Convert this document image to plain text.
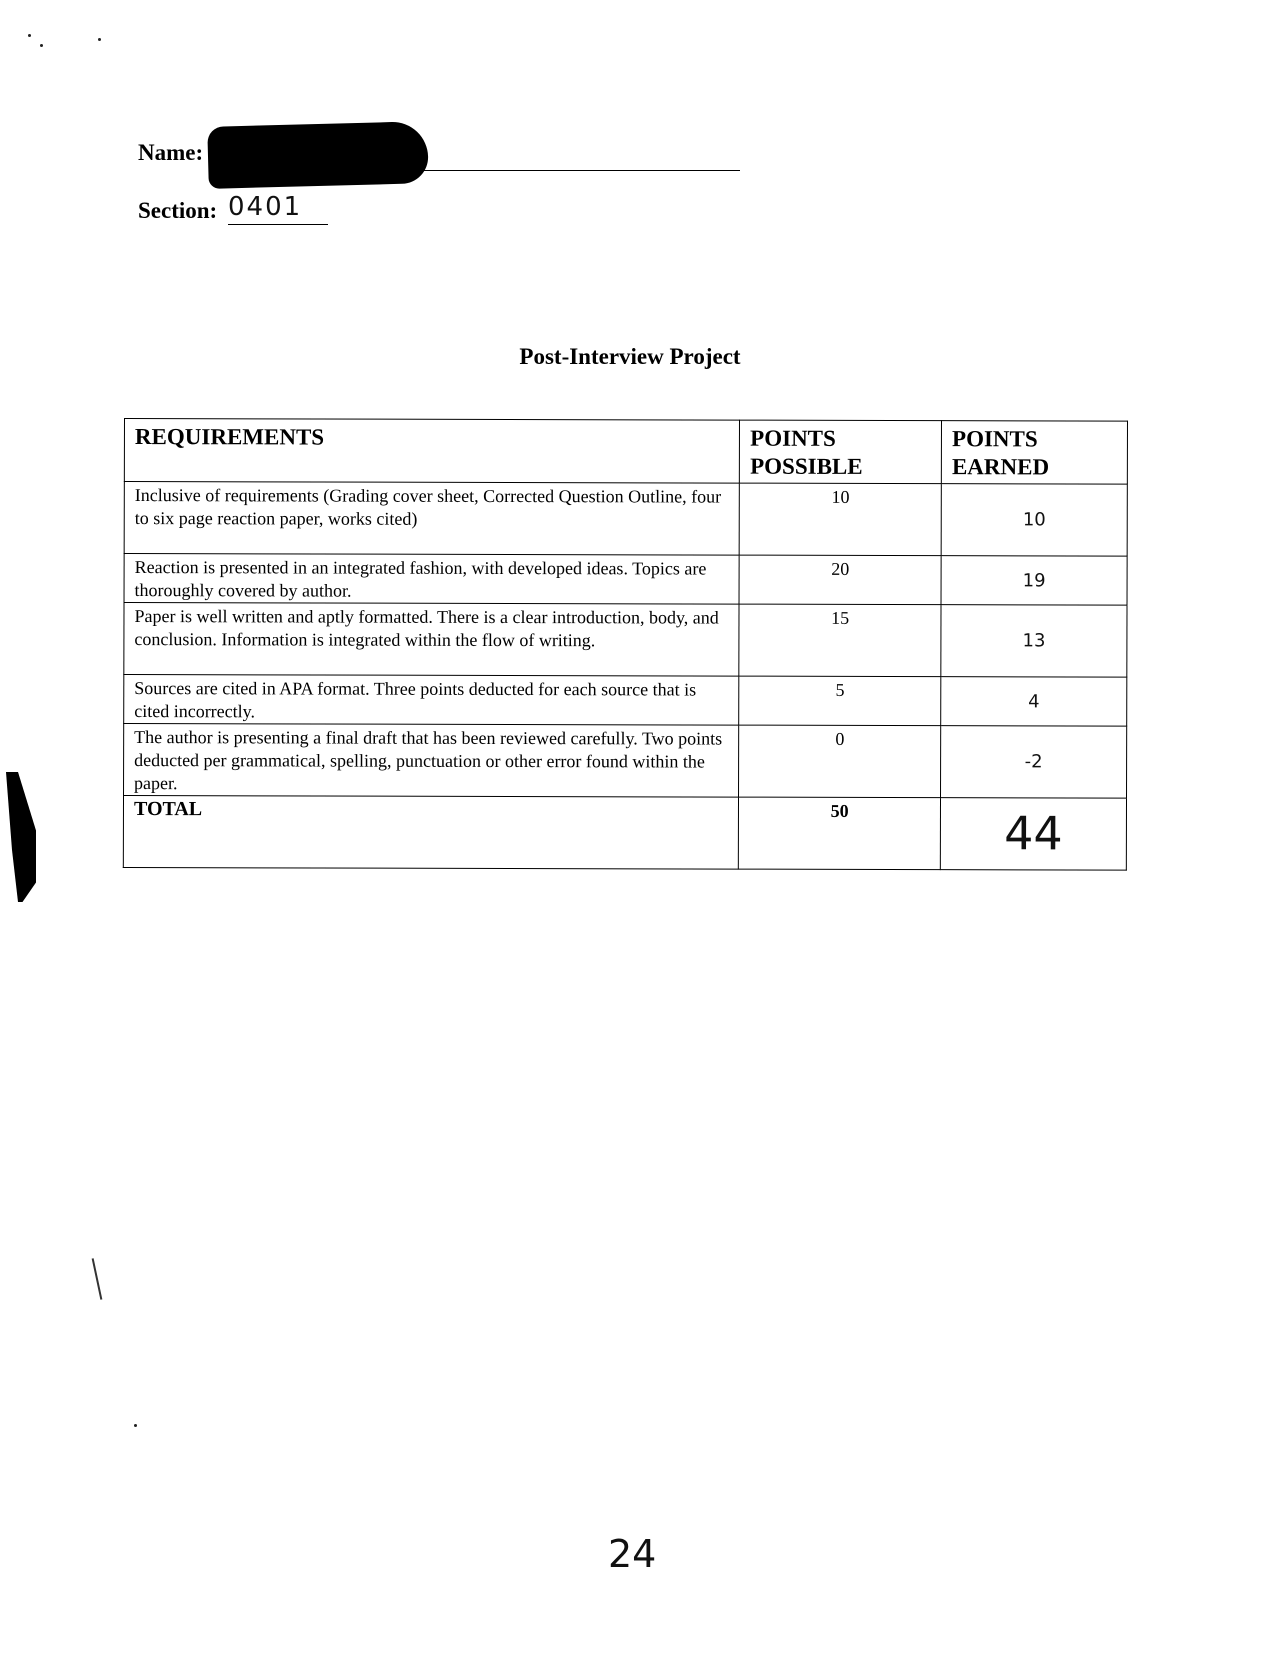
Name:
Section: 0401
Post-Interview Project
REQUIREMENTS	POINTS POSSIBLE	POINTS EARNED
Inclusive of requirements (Grading cover sheet, Corrected Question Outline, four to six page reaction paper, works cited)	10	10
Reaction is presented in an integrated fashion, with developed ideas. Topics are thoroughly covered by author.	20	19
Paper is well written and aptly formatted. There is a clear introduction, body, and conclusion. Information is integrated within the flow of writing.	15	13
Sources are cited in APA format. Three points deducted for each source that is cited incorrectly.	5	4
The author is presenting a final draft that has been reviewed carefully. Two points deducted per grammatical, spelling, punctuation or other error found within the paper.	0	-2
TOTAL	50	44
24
